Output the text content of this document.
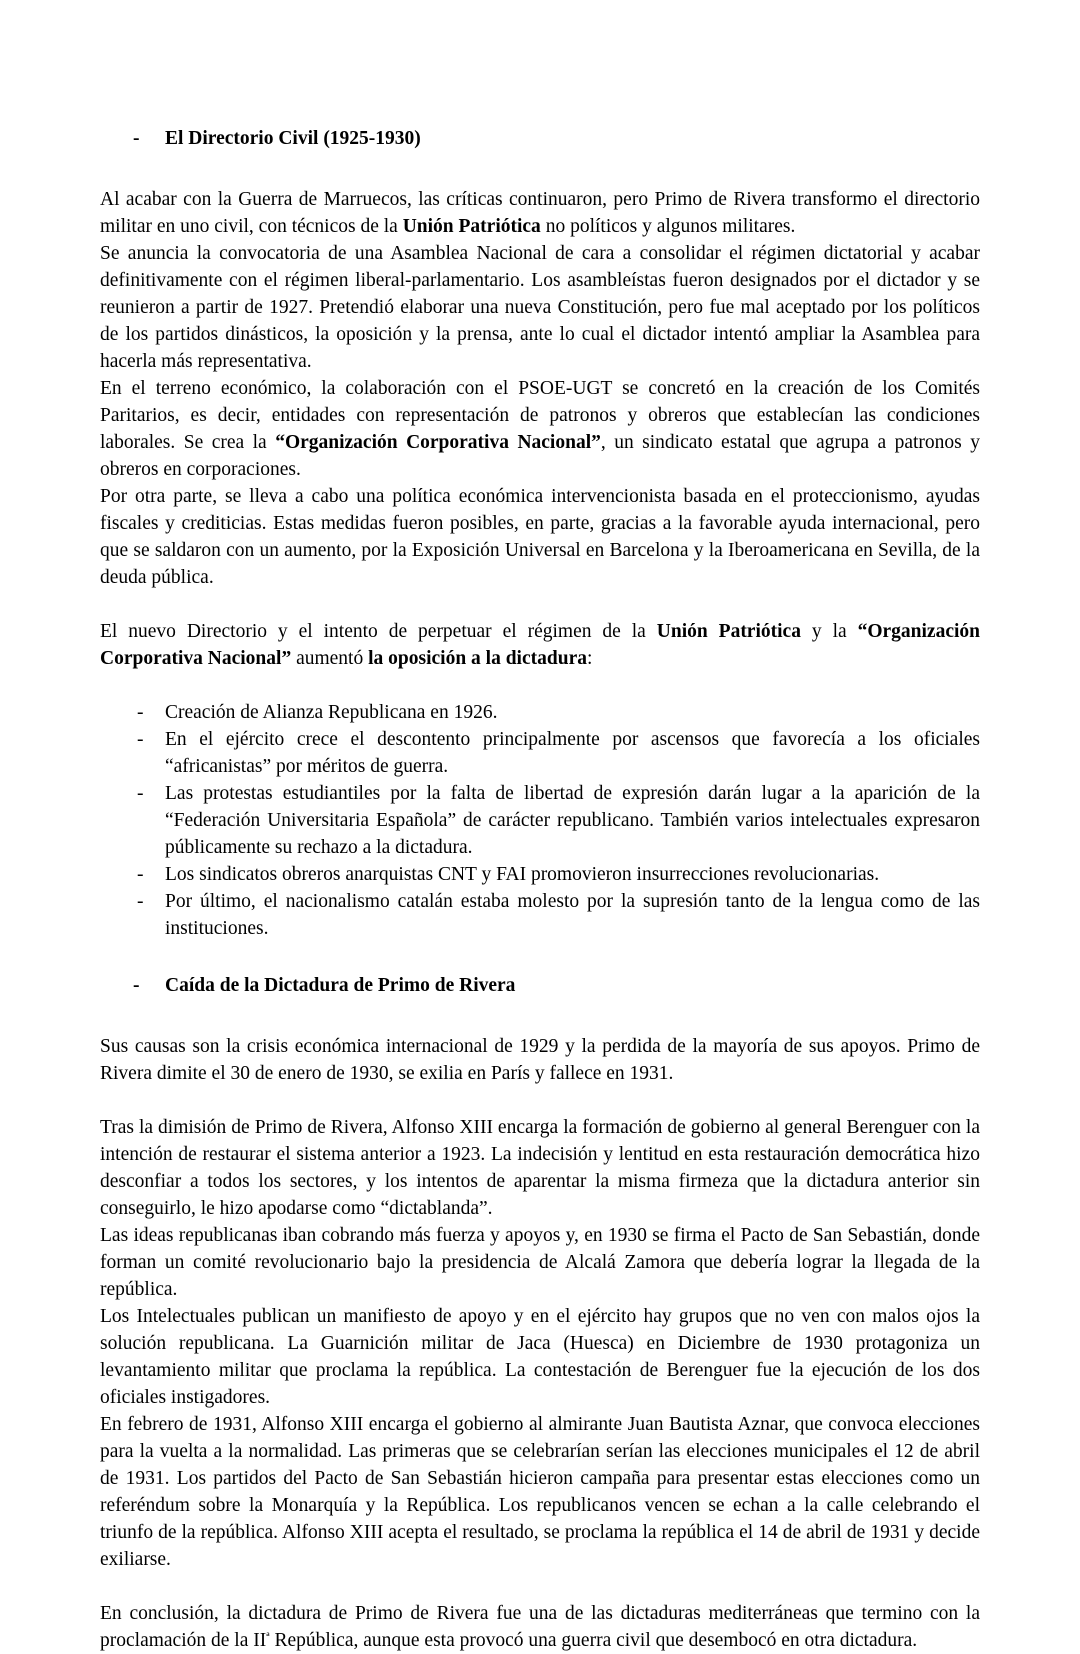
- El Directorio Civil (1925-1930)

Al acabar con la Guerra de Marruecos, las críticas continuaron, pero Primo de Rivera transformo el directorio militar en uno civil, con técnicos de la Unión Patriótica no políticos y algunos militares.

Se anuncia la convocatoria de una Asamblea Nacional de cara a consolidar el régimen dictatorial y acabar definitivamente con el régimen liberal-parlamentario. Los asambleístas fueron designados por el dictador y se reunieron a partir de 1927. Pretendió elaborar una nueva Constitución, pero fue mal aceptado por los políticos de los partidos dinásticos, la oposición y la prensa, ante lo cual el dictador intentó ampliar la Asamblea para hacerla más representativa.

En el terreno económico, la colaboración con el PSOE-UGT se concretó en la creación de los Comités Paritarios, es decir, entidades con representación de patronos y obreros que establecían las condiciones laborales. Se crea la “Organización Corporativa Nacional”, un sindicato estatal que agrupa a patronos y obreros en corporaciones.

Por otra parte, se lleva a cabo una política económica intervencionista basada en el proteccionismo, ayudas fiscales y crediticias. Estas medidas fueron posibles, en parte, gracias a la favorable ayuda internacional, pero que se saldaron con un aumento, por la Exposición Universal en Barcelona y la Iberoamericana en Sevilla, de la deuda pública.

El nuevo Directorio y el intento de perpetuar el régimen de la Unión Patriótica y la “Organización Corporativa Nacional” aumentó la oposición a la dictadura:

- Creación de Alianza Republicana en 1926.
- En el ejército crece el descontento principalmente por ascensos que favorecía a los oficiales “africanistas” por méritos de guerra.
- Las protestas estudiantiles por la falta de libertad de expresión darán lugar a la aparición de la “Federación Universitaria Española” de carácter republicano. También varios intelectuales expresaron públicamente su rechazo a la dictadura.
- Los sindicatos obreros anarquistas CNT y FAI promovieron insurrecciones revolucionarias.
- Por último, el nacionalismo catalán estaba molesto por la supresión tanto de la lengua como de las instituciones.
- Caída de la Dictadura de Primo de Rivera

Sus causas son la crisis económica internacional de 1929 y la perdida de la mayoría de sus apoyos. Primo de Rivera dimite el 30 de enero de 1930, se exilia en París y fallece en 1931.

Tras la dimisión de Primo de Rivera, Alfonso XIII encarga la formación de gobierno al general Berenguer con la intención de restaurar el sistema anterior a 1923. La indecisión y lentitud en esta restauración democrática hizo desconfiar a todos los sectores, y los intentos de aparentar la misma firmeza que la dictadura anterior sin conseguirlo, le hizo apodarse como “dictablanda”.

Las ideas republicanas iban cobrando más fuerza y apoyos y, en 1930 se firma el Pacto de San Sebastián, donde forman un comité revolucionario bajo la presidencia de Alcalá Zamora que debería lograr la llegada de la república.

Los Intelectuales publican un manifiesto de apoyo y en el ejército hay grupos que no ven con malos ojos la solución republicana. La Guarnición militar de Jaca (Huesca) en Diciembre de 1930 protagoniza un levantamiento militar que proclama la república. La contestación de Berenguer fue la ejecución de los dos oficiales instigadores.

En febrero de 1931, Alfonso XIII encarga el gobierno al almirante Juan Bautista Aznar, que convoca elecciones para la vuelta a la normalidad. Las primeras que se celebrarían serían las elecciones municipales el 12 de abril de 1931. Los partidos del Pacto de San Sebastián hicieron campaña para presentar estas elecciones como un referéndum sobre la Monarquía y la República. Los republicanos vencen se echan a la calle celebrando el triunfo de la república. Alfonso XIII acepta el resultado, se proclama la república el 14 de abril de 1931 y decide exiliarse.

En conclusión, la dictadura de Primo de Rivera fue una de las dictaduras mediterráneas que termino con la proclamación de la $II^ª$ República, aunque esta provocó una guerra civil que desembocó en otra dictadura.
